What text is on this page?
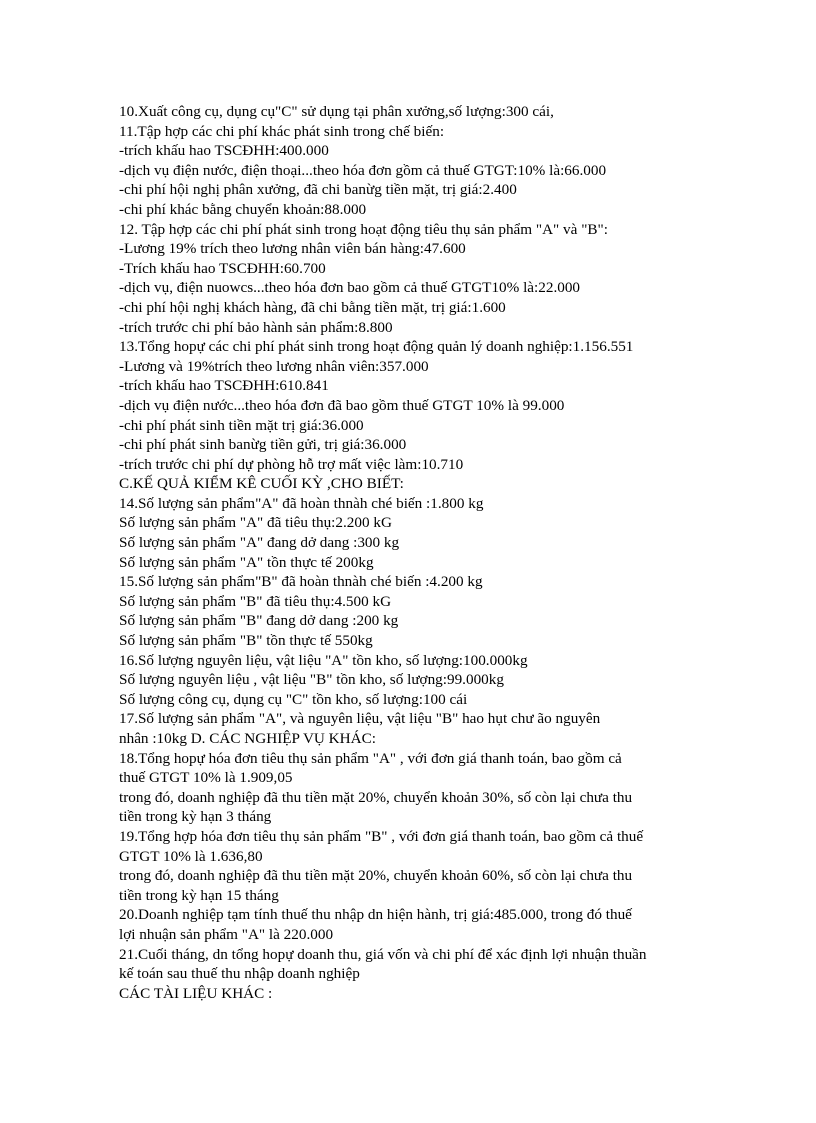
10.Xuất công cụ, dụng cụ"C" sử dụng tại phân xưởng,số lượng:300 cái,
11.Tập hợp các chi phí khác phát sinh trong chế biến:
-trích khấu hao TSCĐHH:400.000
-dịch vụ điện nước, điện thoại...theo hóa đơn gồm cả thuế GTGT:10% là:66.000
-chi phí hội nghị phân xưởng, đã chi banừg tiền mặt, trị giá:2.400
-chi phí khác bằng chuyển khoản:88.000
12. Tập hợp các chi phí phát sinh trong hoạt động tiêu thụ sản phẩm "A" và "B":
-Lương 19% trích theo lương nhân viên bán hàng:47.600
-Trích khấu hao TSCĐHH:60.700
-dịch vụ, điện nuowcs...theo hóa đơn bao gồm cả thuế GTGT10% là:22.000
-chi phí hội nghị khách hàng, đã chi bằng tiền mặt, trị giá:1.600
-trích trước chi phí bảo hành sản phẩm:8.800
13.Tổng hopự các chi phí phát sinh trong hoạt động quản lý doanh nghiệp:1.156.551
-Lương và 19%trích theo lương nhân viên:357.000
-trích khấu hao TSCĐHH:610.841
-dịch vụ điện nước...theo hóa đơn đã bao gồm thuế GTGT 10% là 99.000
-chi phí phát sinh tiền mặt trị giá:36.000
-chi phí phát sinh banừg tiền gửi, trị giá:36.000
-trích trước chi phí dự phòng hỗ trợ mất việc làm:10.710
C.KẾ QUẢ KIỂM KÊ CUỐI KỲ ,CHO BIẾT:
14.Số lượng sản phẩm"A" đã hoàn thnàh ché biến :1.800 kg
Số lượng sản phẩm "A" đã tiêu thụ:2.200 kG
Số lượng sản phẩm "A" đang dở dang :300 kg
Số lượng sản phẩm "A" tồn thực tế 200kg
15.Số lượng sản phẩm"B" đã hoàn thnàh ché biến :4.200 kg
Số lượng sản phẩm "B" đã tiêu thụ:4.500 kG
Số lượng sản phẩm "B" đang dở dang :200 kg
Số lượng sản phẩm "B" tồn thực tế 550kg
16.Số lượng nguyên liệu, vật liệu "A" tồn kho, số lượng:100.000kg
Số lượng nguyên liệu , vật liệu "B" tồn kho, số lượng:99.000kg
Số lượng công cụ, dụng cụ "C" tồn kho, số lượng:100 cái
17.Số lượng sản phẩm "A", và nguyên liệu, vật liệu "B" hao hụt chư ão nguyên
nhân :10kg D. CÁC NGHIỆP VỤ KHÁC:
18.Tổng hopự hóa đơn tiêu thụ sản phẩm "A" , với đơn giá thanh toán, bao gồm cả
thuế GTGT 10% là 1.909,05
trong đó, doanh nghiệp đã thu tiền mặt 20%, chuyển khoản 30%, số còn lại chưa thu
tiền trong kỳ hạn 3 tháng
19.Tổng hợp hóa đơn tiêu thụ sản phẩm "B" , với đơn giá thanh toán, bao gồm cả thuế
GTGT 10% là 1.636,80
trong đó, doanh nghiệp đã thu tiền mặt 20%, chuyển khoản 60%, số còn lại chưa thu
tiền trong kỳ hạn 15 tháng
20.Doanh nghiệp tạm tính thuế thu nhập dn hiện hành, trị giá:485.000, trong đó thuế
lợi nhuận sản phẩm "A" là 220.000
21.Cuối tháng, dn tổng hopự doanh thu, giá vốn và chi phí để xác định lợi nhuận thuần
kế toán sau thuế thu nhập doanh nghiệp
CÁC TÀI LIỆU KHÁC :
